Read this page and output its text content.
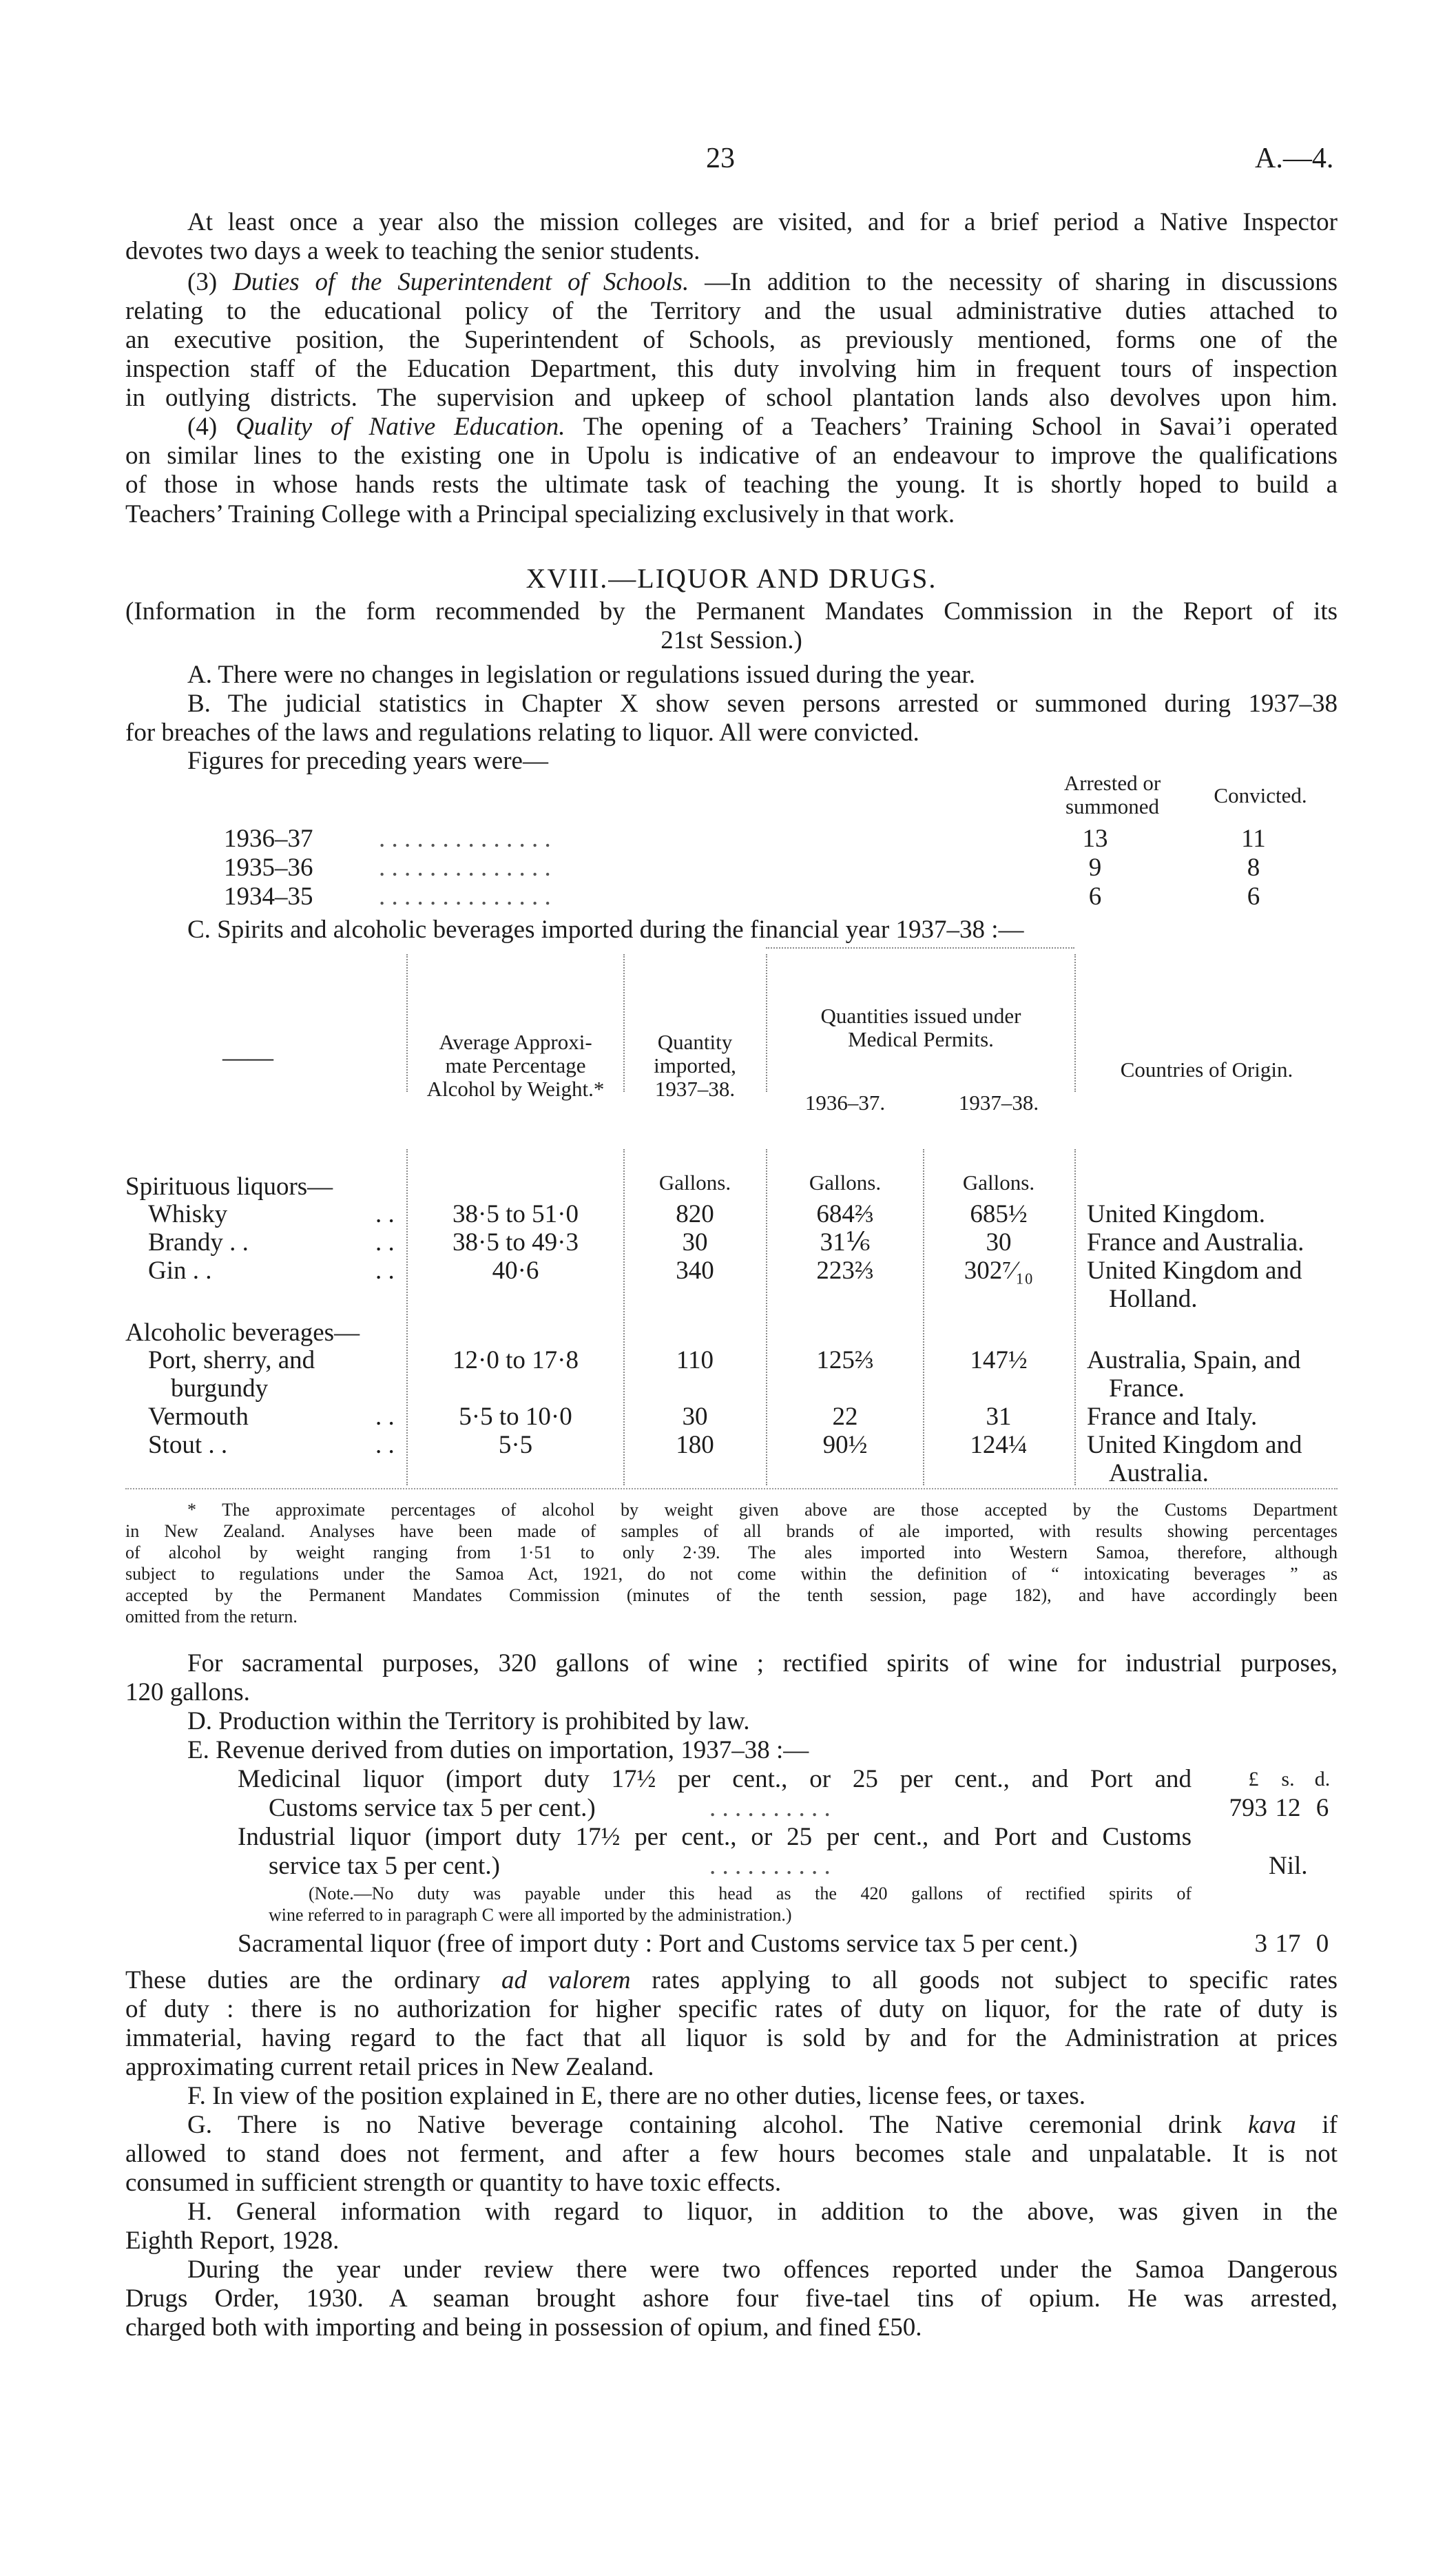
23	A.—4.
At least once a year also the mission colleges are visited, and for a brief period a Native Inspector
devotes two days a week to teaching the senior students.
(3) Duties of the Superintendent of Schools. —In addition to the necessity of sharing in discussions
relating to the educational policy of the Territory and the usual administrative duties attached to
an executive position, the Superintendent of Schools, as previously mentioned, forms one of the
inspection staff of the Education Department, this duty involving him in frequent tours of inspection
in outlying districts. The supervision and upkeep of school plantation lands also devolves upon him.
(4) Quality of Native Education. The opening of a Teachers’ Training School in Savai’i operated
on similar lines to the existing one in Upolu is indicative of an endeavour to improve the qualifications
of those in whose hands rests the ultimate task of teaching the young. It is shortly hoped to build a
Teachers’ Training College with a Principal specializing exclusively in that work.
XVIII.—LIQUOR AND DRUGS.
(Information in the form recommended by the Permanent Mandates Commission in the Report of its
21st Session.)
A. There were no changes in legislation or regulations issued during the year.
B. The judicial statistics in Chapter X show seven persons arrested or summoned during 1937–38
for breaches of the laws and regulations relating to liquor. All were convicted.
Figures for preceding years were—
Arrested or
summoned	Convicted.
1936–37	. . . . . . . . . . . . . .	13	11
1935–36	. . . . . . . . . . . . . .	9	8
1934–35	. . . . . . . . . . . . . .	6	6
C. Spirits and alcoholic beverages imported during the financial year 1937–38 :—
——
Average Approxi-
mate Percentage
Alcohol by Weight.*
Quantity
imported,
1937–38.
Quantities issued under
Medical Permits.
1936–37.	1937–38.
Countries of Origin.
Gallons.	Gallons.	Gallons.
Spirituous liquors—
Whisky	. .	38·5 to 51·0	820	684⅔	685½	United Kingdom.
Brandy . .	. .	38·5 to 49·3	30	31⅙	30	France and Australia.
Gin . .	. .	40·6	340	223⅔	302⁷⁄₁₀	United Kingdom and
Holland.
Alcoholic beverages—
Port, sherry, and
burgundy
12·0 to 17·8	110	125⅔	147½	Australia, Spain, and
France.
Vermouth	. .	5·5 to 10·0	30	22	31	France and Italy.
Stout . .	. .	5·5	180	90½	124¼	United Kingdom and
Australia.
* The approximate percentages of alcohol by weight given above are those accepted by the Customs Department
in New Zealand. Analyses have been made of samples of all brands of ale imported, with results showing percentages
of alcohol by weight ranging from 1·51 to only 2·39. The ales imported into Western Samoa, therefore, although
subject to regulations under the Samoa Act, 1921, do not come within the definition of “ intoxicating beverages ” as
accepted by the Permanent Mandates Commission (minutes of the tenth session, page 182), and have accordingly been
omitted from the return.
For sacramental purposes, 320 gallons of wine ; rectified spirits of wine for industrial purposes,
120 gallons.
D. Production within the Territory is prohibited by law.
E. Revenue derived from duties on importation, 1937–38 :—
£	s. d.
Medicinal liquor (import duty 17½ per cent., or 25 per cent., and Port and
Customs service tax 5 per cent.)	. . . . . . . . . .	793 12 6
Industrial liquor (import duty 17½ per cent., or 25 per cent., and Port and Customs
service tax 5 per cent.)	. . . . . . . . . .	Nil.
(Note.—No duty was payable under this head as the 420 gallons of rectified spirits of
wine referred to in paragraph C were all imported by the administration.)
Sacramental liquor (free of import duty : Port and Customs service tax 5 per cent.)	3 17 0
These duties are the ordinary ad valorem rates applying to all goods not subject to specific rates
of duty : there is no authorization for higher specific rates of duty on liquor, for the rate of duty is
immaterial, having regard to the fact that all liquor is sold by and for the Administration at prices
approximating current retail prices in New Zealand.
F. In view of the position explained in E, there are no other duties, license fees, or taxes.
G. There is no Native beverage containing alcohol. The Native ceremonial drink kava if
allowed to stand does not ferment, and after a few hours becomes stale and unpalatable. It is not
consumed in sufficient strength or quantity to have toxic effects.
H. General information with regard to liquor, in addition to the above, was given in the
Eighth Report, 1928.
During the year under review there were two offences reported under the Samoa Dangerous
Drugs Order, 1930. A seaman brought ashore four five-tael tins of opium. He was arrested,
charged both with importing and being in possession of opium, and fined £50.
